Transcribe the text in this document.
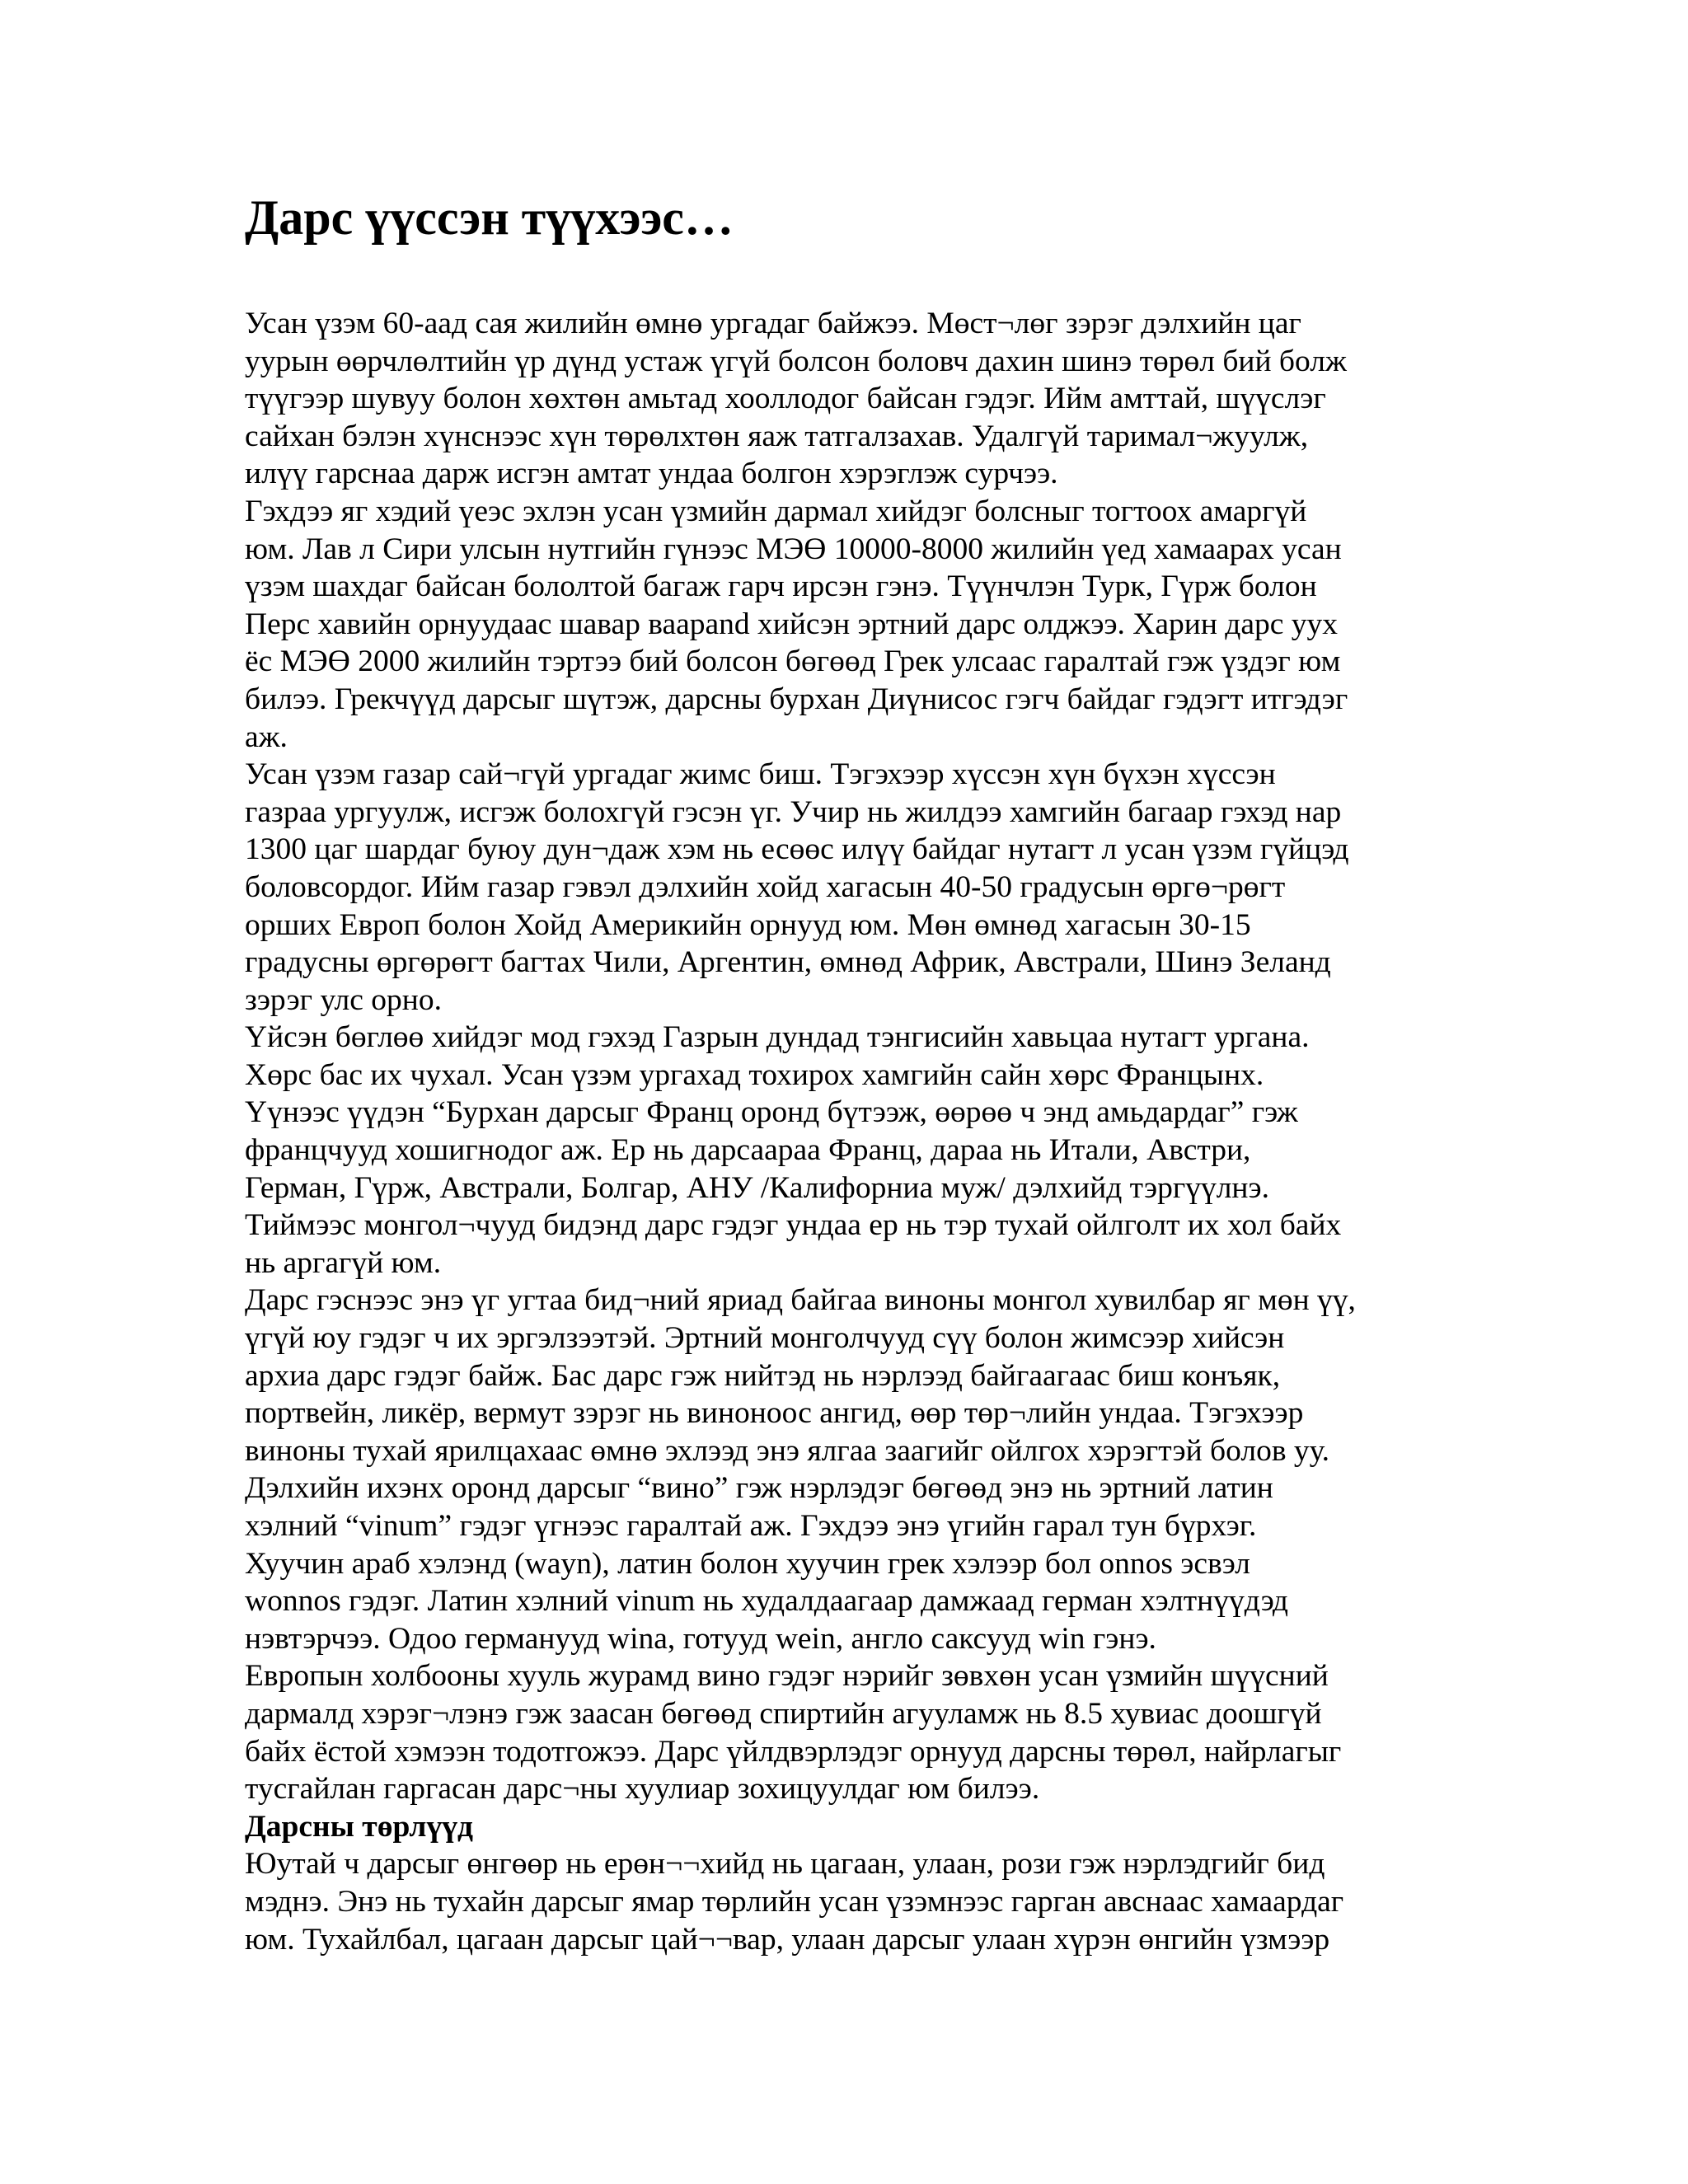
Дарс үүссэн түүхээс…
Усан үзэм 60-аад сая жилийн өмнө ургадаг байжээ. Мөст¬лөг зэрэг дэлхийн цаг
уурын өөрчлөлтийн үр дүнд устаж үгүй болсон боловч дахин шинэ төрөл бий болж
түүгээр шувуу болон хөхтөн амьтад хооллодог байсан гэдэг. Ийм амттай, шүүслэг
сайхан бэлэн хүнснээс хүн төрөлхтөн яаж татгалзахав. Удалгүй таримал¬жуулж,
илүү гарснаа дарж исгэн амтат ундаа болгон хэрэглэж сурчээ.
Гэхдээ яг хэдий үеэс эхлэн усан үзмийн дармал хийдэг болсныг тогтоох амаргүй
юм. Лав л Сири улсын нутгийн гүнээс МЭӨ 10000-8000 жилийн үед хамаарах усан
үзэм шахдаг байсан бололтой багаж гарч ирсэн гэнэ. Түүнчлэн Турк, Гүрж болон
Перс хавийн орнуудаас шавар ваараnd хийсэн эртний дарс олджээ. Харин дарс уух
ёс МЭӨ 2000 жилийн тэртээ бий болсон бөгөөд Грек улсаас гаралтай гэж үздэг юм
билээ. Грекчүүд дарсыг шүтэж, дарсны бурхан Диүнисос гэгч байдаг гэдэгт итгэдэг
аж.
Усан үзэм газар сай¬гүй ургадаг жимс биш. Тэгэхээр хүссэн хүн бүхэн хүссэн
газраа ургуулж, исгэж болохгүй гэсэн үг. Учир нь жилдээ хамгийн багаар гэхэд нар
1300 цаг шардаг буюу дун¬даж хэм нь есөөс илүү байдаг нутагт л усан үзэм гүйцэд
боловсордог. Ийм газар гэвэл дэлхийн хойд хагасын 40-50 градусын өргө¬рөгт
орших Европ болон Хойд Америкийн орнууд юм. Мөн өмнөд хагасын 30-15
градусны өргөрөгт багтах Чили, Аргентин, өмнөд Африк, Австрали, Шинэ Зеланд
зэрэг улс орно.
Үйсэн бөглөө хийдэг мод гэхэд Газрын дундад тэнгисийн хавьцаа нутагт ургана.
Хөрс бас их чухал. Усан үзэм ургахад тохирох хамгийн сайн хөрс Францынх.
Үүнээс үүдэн “Бурхан дарсыг Франц оронд бүтээж, өөрөө ч энд амьдардаг” гэж
францчууд хошигнодог аж. Ер нь дарсаараа Франц, дараа нь Итали, Австри,
Герман, Гүрж, Австрали, Болгар, АНУ /Калифорниа муж/ дэлхийд тэргүүлнэ.
Тиймээс монгол¬чууд бидэнд дарс гэдэг ундаа ер нь тэр тухай ойлголт их хол байх
нь аргагүй юм.
Дарс гэснээс энэ үг угтаа бид¬ний яриад байгаа виноны монгол хувилбар яг мөн үү,
үгүй юу гэдэг ч их эргэлзээтэй. Эртний монголчууд сүү болон жимсээр хийсэн
архиа дарс гэдэг байж. Бас дарс гэж нийтэд нь нэрлээд байгаагаас биш конъяк,
портвейн, ликёр, вермут зэрэг нь виноноос ангид, өөр төр¬лийн ундаа. Тэгэхээр
виноны тухай ярилцахаас өмнө эхлээд энэ ялгаа заагийг ойлгох хэрэгтэй болов уу.
Дэлхийн ихэнх оронд дарсыг “вино” гэж нэрлэдэг бөгөөд энэ нь эртний латин
хэлний “vinum” гэдэг үгнээс гаралтай аж. Гэхдээ энэ үгийн гарал тун бүрхэг.
Хуучин араб хэлэнд (wayn), латин болон хуучин грек хэлээр бол onnos эсвэл
wonnos гэдэг. Латин хэлний vinum нь худалдаагаар дамжаад герман хэлтнүүдэд
нэвтэрчээ. Одоо германууд wina, готууд wein, англо саксууд win гэнэ.
Европын холбооны хууль журамд вино гэдэг нэрийг зөвхөн усан үзмийн шүүсний
дармалд хэрэг¬лэнэ гэж заасан бөгөөд спиртийн агууламж нь 8.5 хувиас доошгүй
байх ёстой хэмээн тодотгожээ. Дарс үйлдвэрлэдэг орнууд дарсны төрөл, найрлагыг
тусгайлан гаргасан дарс¬ны хуулиар зохицуулдаг юм билээ.
Дарсны төрлүүд
Юутай ч дарсыг өнгөөр нь ерөн¬¬хийд нь цагаан, улаан, рози гэж нэрлэдгийг бид
мэднэ. Энэ нь тухайн дарсыг ямар төрлийн усан үзэмнээс гарган авснаас хамаардаг
юм. Тухайлбал, цагаан дарсыг цай¬¬вар, улаан дарсыг улаан хүрэн өнгийн үзмээр
